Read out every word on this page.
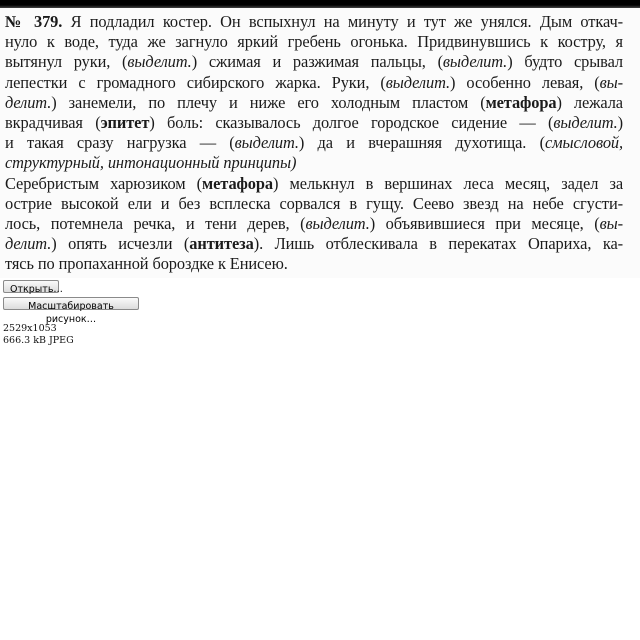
№ 379. Я подладил костер. Он вспыхнул на минуту и тут же унялся. Дым откач-
нуло к воде, туда же загнуло яркий гребень огонька. Придвинувшись к костру, я
вытянул руки, (выделит.) сжимая и разжимая пальцы, (выделит.) будто срывал
лепестки с громадного сибирского жарка. Руки, (выделит.) особенно левая, (вы-
делит.) занемели, по плечу и ниже его холодным пластом (метафора) лежала
вкрадчивая (эпитет) боль: сказывалось долгое городское сидение — (выделит.)
и такая сразу нагрузка — (выделит.) да и вчерашняя духотища. (смысловой,
структурный, интонационный принципы)
Серебристым харюзиком (метафора) мелькнул в вершинах леса месяц, задел за
острие высокой ели и без всплеска сорвался в гущу. Сеево звезд на небе сгусти-
лось, потемнела речка, и тени дерев, (выделит.) объявившиеся при месяце, (вы-
делит.) опять исчезли (антитеза). Лишь отблескивала в перекатах Опариха, ка-
тясь по пропаханной бороздке к Енисею.
Открыть…
Масштабировать рисунок…
2529x1053
666.3 kB JPEG
